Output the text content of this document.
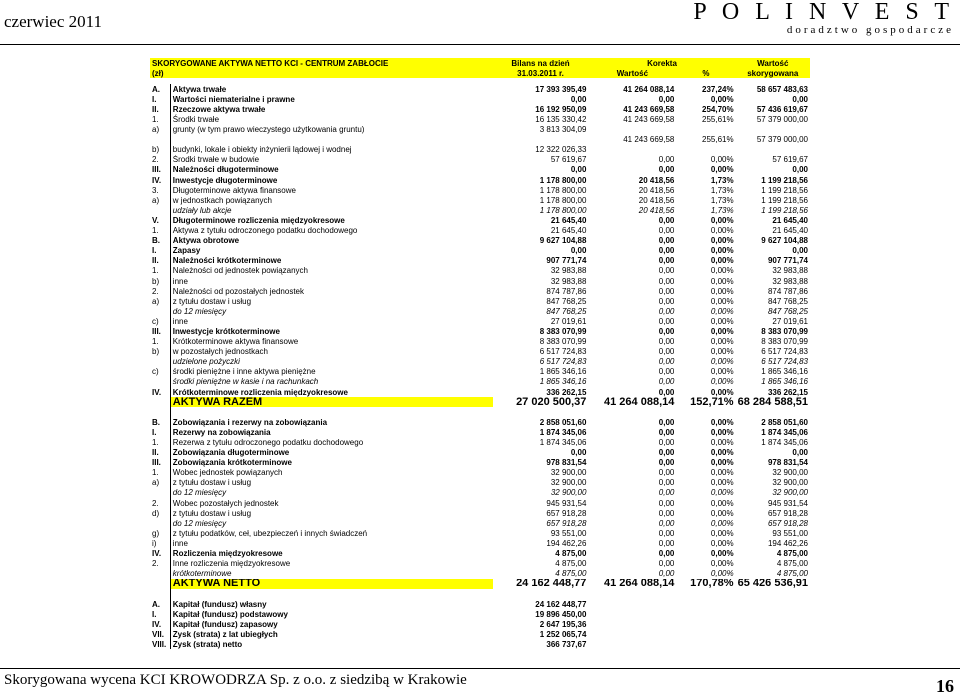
czerwiec 2011	P O L I N V E S T
doradztwo gospodarcze
SKORYGOWANE AKTYWA NETTO KCI - CENTRUM ZABŁOCIE		Bilans na dzień	Korekta		Wartość
(zł)		31.03.2011 r.	Wartość	%	skorygowana

A.	Aktywa trwałe	17 393 395,49	41 264 088,14	237,24%	58 657 483,63
I.	Wartości niematerialne i prawne	0,00	0,00	0,00%	0,00
II.	Rzeczowe aktywa trwałe	16 192 950,09	41 243 669,58	254,70%	57 436 619,67
1.	Środki trwałe	16 135 330,42	41 243 669,58	255,61%	57 379 000,00
a)	grunty (w tym prawo wieczystego użytkowania gruntu)	3 813 304,09			
			41 243 669,58	255,61%	57 379 000,00
b)	budynki, lokale i obiekty inżynierii lądowej i wodnej	12 322 026,33			
2.	Środki trwałe w budowie	57 619,67	0,00	0,00%	57 619,67
III.	Należności długoterminowe	0,00	0,00	0,00%	0,00
IV.	Inwestycje długoterminowe	1 178 800,00	20 418,56	1,73%	1 199 218,56
3.	Długoterminowe aktywa finansowe	1 178 800,00	20 418,56	1,73%	1 199 218,56
a)	w jednostkach powiązanych	1 178 800,00	20 418,56	1,73%	1 199 218,56
	udziały lub akcje	1 178 800,00	20 418,56	1,73%	1 199 218,56
V.	Długoterminowe rozliczenia międzyokresowe	21 645,40	0,00	0,00%	21 645,40
1.	Aktywa z tytułu odroczonego podatku dochodowego	21 645,40	0,00	0,00%	21 645,40
B.	Aktywa obrotowe	9 627 104,88	0,00	0,00%	9 627 104,88
I.	Zapasy	0,00	0,00	0,00%	0,00
II.	Należności krótkoterminowe	907 771,74	0,00	0,00%	907 771,74
1.	Należności od jednostek powiązanych	32 983,88	0,00	0,00%	32 983,88
b)	inne	32 983,88	0,00	0,00%	32 983,88
2.	Należności od pozostałych jednostek	874 787,86	0,00	0,00%	874 787,86
a)	z tytułu dostaw i usług	847 768,25	0,00	0,00%	847 768,25
	do 12 miesięcy	847 768,25	0,00	0,00%	847 768,25
c)	inne	27 019,61	0,00	0,00%	27 019,61
III.	Inwestycje krótkoterminowe	8 383 070,99	0,00	0,00%	8 383 070,99
1.	Krótkoterminowe aktywa finansowe	8 383 070,99	0,00	0,00%	8 383 070,99
b)	w pozostałych jednostkach	6 517 724,83	0,00	0,00%	6 517 724,83
	udzielone pożyczki	6 517 724,83	0,00	0,00%	6 517 724,83
c)	środki pieniężne i inne aktywa pieniężne	1 865 346,16	0,00	0,00%	1 865 346,16
	środki pieniężne w kasie i na rachunkach	1 865 346,16	0,00	0,00%	1 865 346,16
IV.	Krótkoterminowe rozliczenia międzyokresowe	336 262,15	0,00	0,00%	336 262,15
	AKTYWA RAZEM	27 020 500,37	41 264 088,14	152,71%	68 284 588,51

B.	Zobowiązania i rezerwy na zobowiązania	2 858 051,60	0,00	0,00%	2 858 051,60
I.	Rezerwy na zobowiązania	1 874 345,06	0,00	0,00%	1 874 345,06
1.	Rezerwa z tytułu odroczonego podatku dochodowego	1 874 345,06	0,00	0,00%	1 874 345,06
II.	Zobowiązania długoterminowe	0,00	0,00	0,00%	0,00
III.	Zobowiązania krótkoterminowe	978 831,54	0,00	0,00%	978 831,54
1.	Wobec jednostek powiązanych	32 900,00	0,00	0,00%	32 900,00
a)	z tytułu dostaw i usług	32 900,00	0,00	0,00%	32 900,00
	do 12 miesięcy	32 900,00	0,00	0,00%	32 900,00
2.	Wobec pozostałych jednostek	945 931,54	0,00	0,00%	945 931,54
d)	z tytułu dostaw i usług	657 918,28	0,00	0,00%	657 918,28
	do 12 miesięcy	657 918,28	0,00	0,00%	657 918,28
g)	z tytułu podatków, ceł, ubezpieczeń i innych świadczeń	93 551,00	0,00	0,00%	93 551,00
i)	inne	194 462,26	0,00	0,00%	194 462,26
IV.	Rozliczenia międzyokresowe	4 875,00	0,00	0,00%	4 875,00
2.	Inne rozliczenia międzyokresowe	4 875,00	0,00	0,00%	4 875,00
	krótkoterminowe	4 875,00	0,00	0,00%	4 875,00
	AKTYWA NETTO	24 162 448,77	41 264 088,14	170,78%	65 426 536,91

A.	Kapitał (fundusz) własny	24 162 448,77			
I.	Kapitał (fundusz) podstawowy	19 896 450,00			
IV.	Kapitał (fundusz) zapasowy	2 647 195,36			
VII.	Zysk (strata) z lat ubiegłych	1 252 065,74			
VIII.	Zysk (strata) netto	366 737,67			
Skorygowana wycena KCI KROWODRZA Sp. z o.o. z siedzibą w Krakowie	16
